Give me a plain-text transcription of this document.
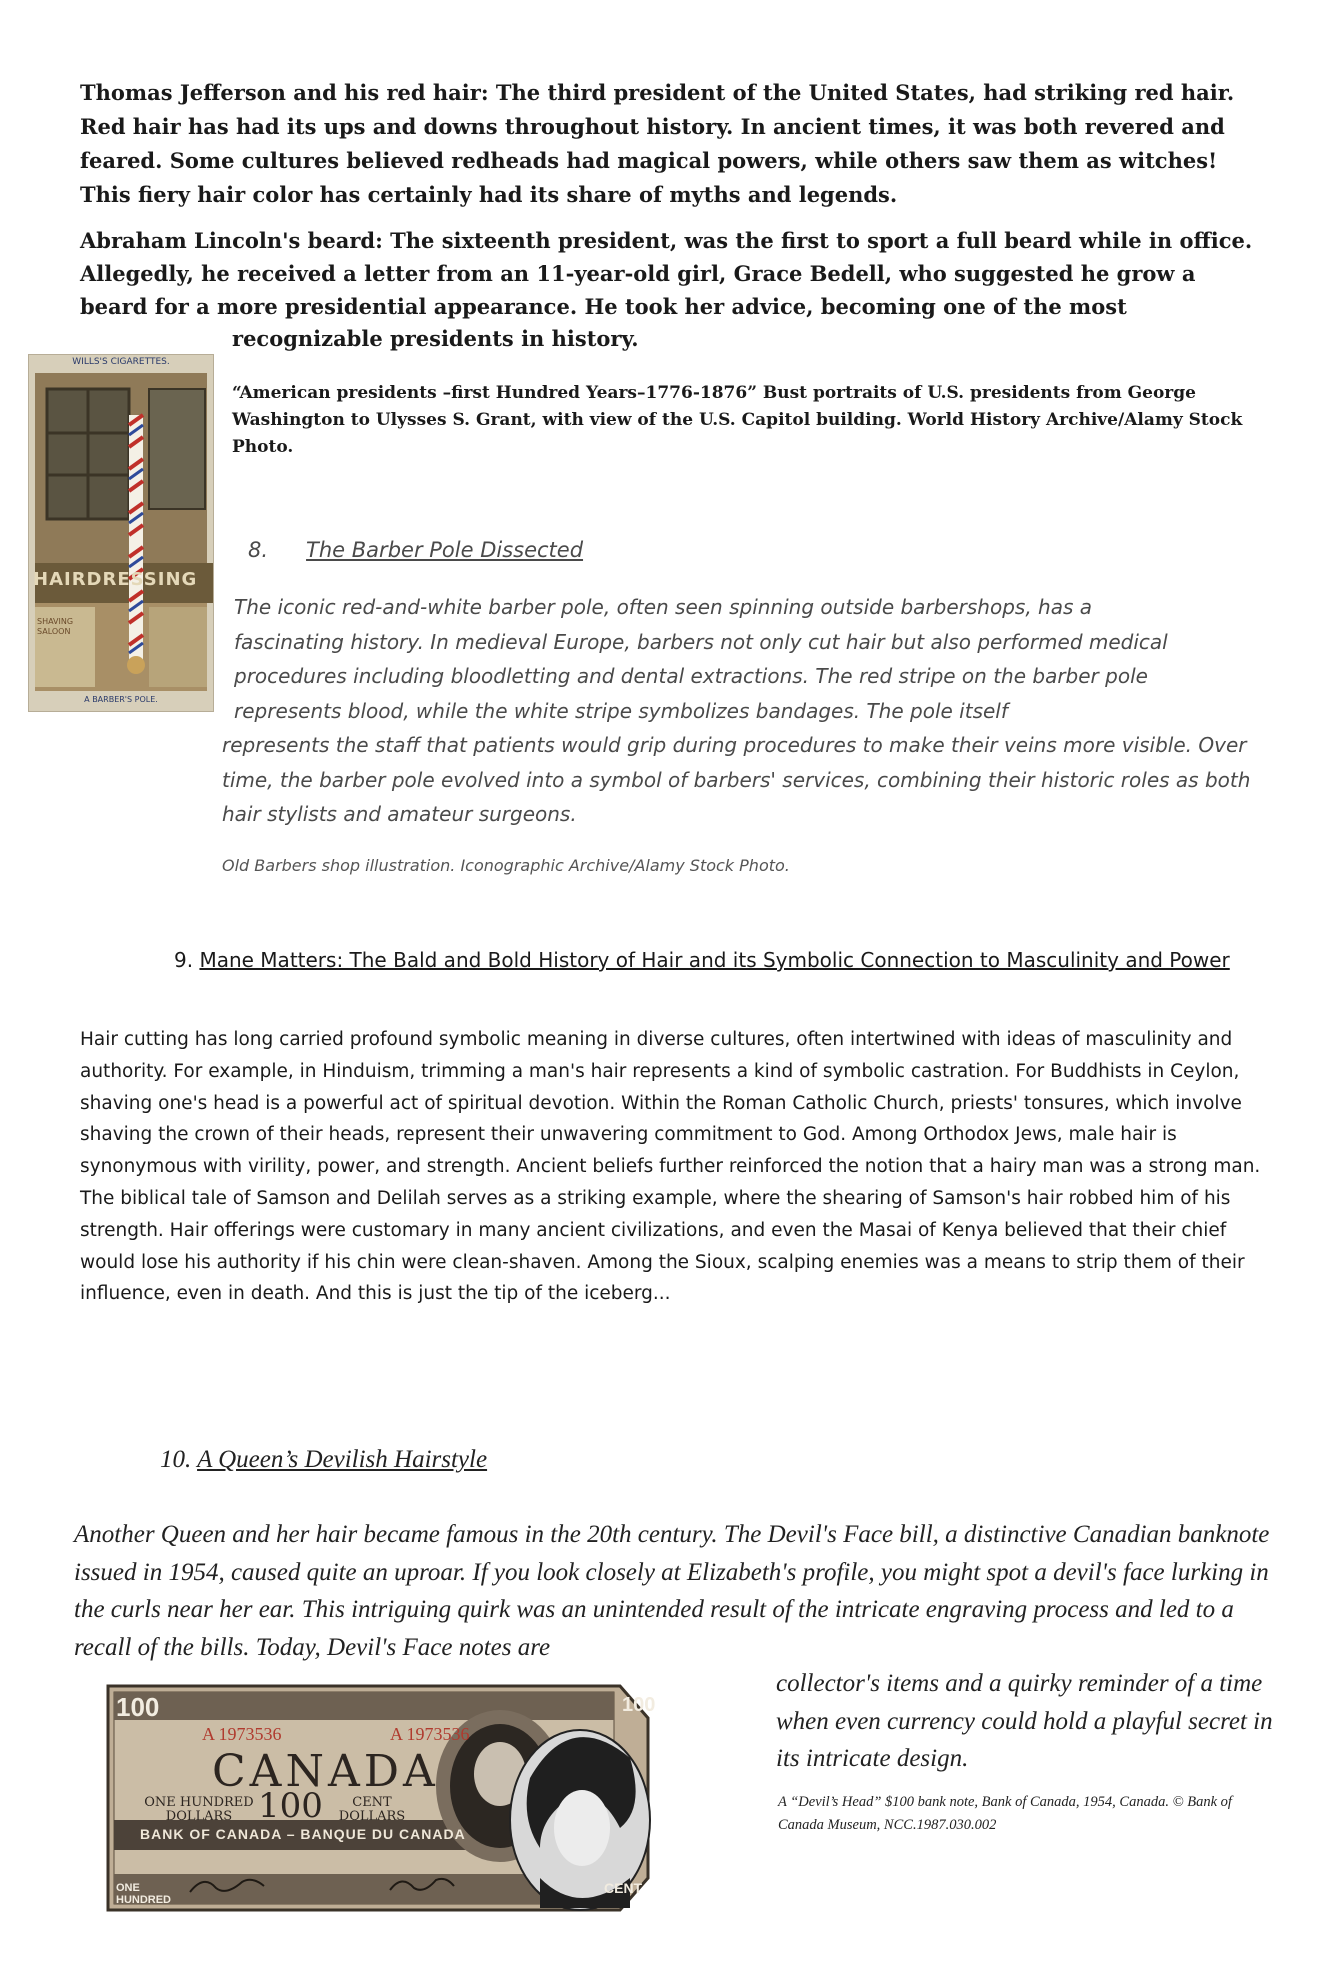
Thomas Jefferson and his red hair: The third president of the United States, had striking red hair. Red hair has had its ups and downs throughout history. In ancient times, it was both revered and feared. Some cultures believed redheads had magical powers, while others saw them as witches! This fiery hair color has certainly had its share of myths and legends.
Abraham Lincoln's beard: The sixteenth president, was the first to sport a full beard while in office. Allegedly, he received a letter from an 11-year-old girl, Grace Bedell, who suggested he grow a beard for a more presidential appearance. He took her advice, becoming one of the most
recognizable presidents in history.
“American presidents –first Hundred Years–1776-1876” Bust portraits of U.S. presidents from George Washington to Ulysses S. Grant, with view of the U.S. Capitol building. World History Archive/Alamy Stock Photo.
WILLS'S CIGARETTES.
HAIRDRESSING
SHAVING SALOON
A BARBER'S POLE.
8. The Barber Pole Dissected
The iconic red-and-white barber pole, often seen spinning outside barbershops, has a fascinating history. In medieval Europe, barbers not only cut hair but also performed medical procedures including bloodletting and dental extractions. The red stripe on the barber pole represents blood, while the white stripe symbolizes bandages. The pole itself
represents the staff that patients would grip during procedures to make their veins more visible. Over time, the barber pole evolved into a symbol of barbers' services, combining their historic roles as both hair stylists and amateur surgeons.
Old Barbers shop illustration. Iconographic Archive/Alamy Stock Photo.
9. Mane Matters: The Bald and Bold History of Hair and its Symbolic Connection to Masculinity and Power
Hair cutting has long carried profound symbolic meaning in diverse cultures, often intertwined with ideas of masculinity and authority. For example, in Hinduism, trimming a man's hair represents a kind of symbolic castration. For Buddhists in Ceylon, shaving one's head is a powerful act of spiritual devotion. Within the Roman Catholic Church, priests' tonsures, which involve shaving the crown of their heads, represent their unwavering commitment to God. Among Orthodox Jews, male hair is synonymous with virility, power, and strength. Ancient beliefs further reinforced the notion that a hairy man was a strong man. The biblical tale of Samson and Delilah serves as a striking example, where the shearing of Samson's hair robbed him of his strength. Hair offerings were customary in many ancient civilizations, and even the Masai of Kenya believed that their chief would lose his authority if his chin were clean-shaven. Among the Sioux, scalping enemies was a means to strip them of their influence, even in death. And this is just the tip of the iceberg...
10. A Queen’s Devilish Hairstyle
Another Queen and her hair became famous in the 20th century. The Devil's Face bill, a distinctive Canadian banknote issued in 1954, caused quite an uproar. If you look closely at Elizabeth's profile, you might spot a devil's face lurking in the curls near her ear. This intriguing quirk was an unintended result of the intricate engraving process and led to a recall of the bills. Today, Devil's Face notes are
collector's items and a quirky reminder of a time when even currency could hold a playful secret in its intricate design.
A “Devil’s Head” $100 bank note, Bank of Canada, 1954, Canada. © Bank of Canada Museum, NCC.1987.030.002
100	100
A 1973536	A 1973536
CANADA
ONE HUNDRED DOLLARS 100	CENT DOLLARS
BANK OF CANADA – BANQUE DU CANADA
ONE HUNDRED
CENT
